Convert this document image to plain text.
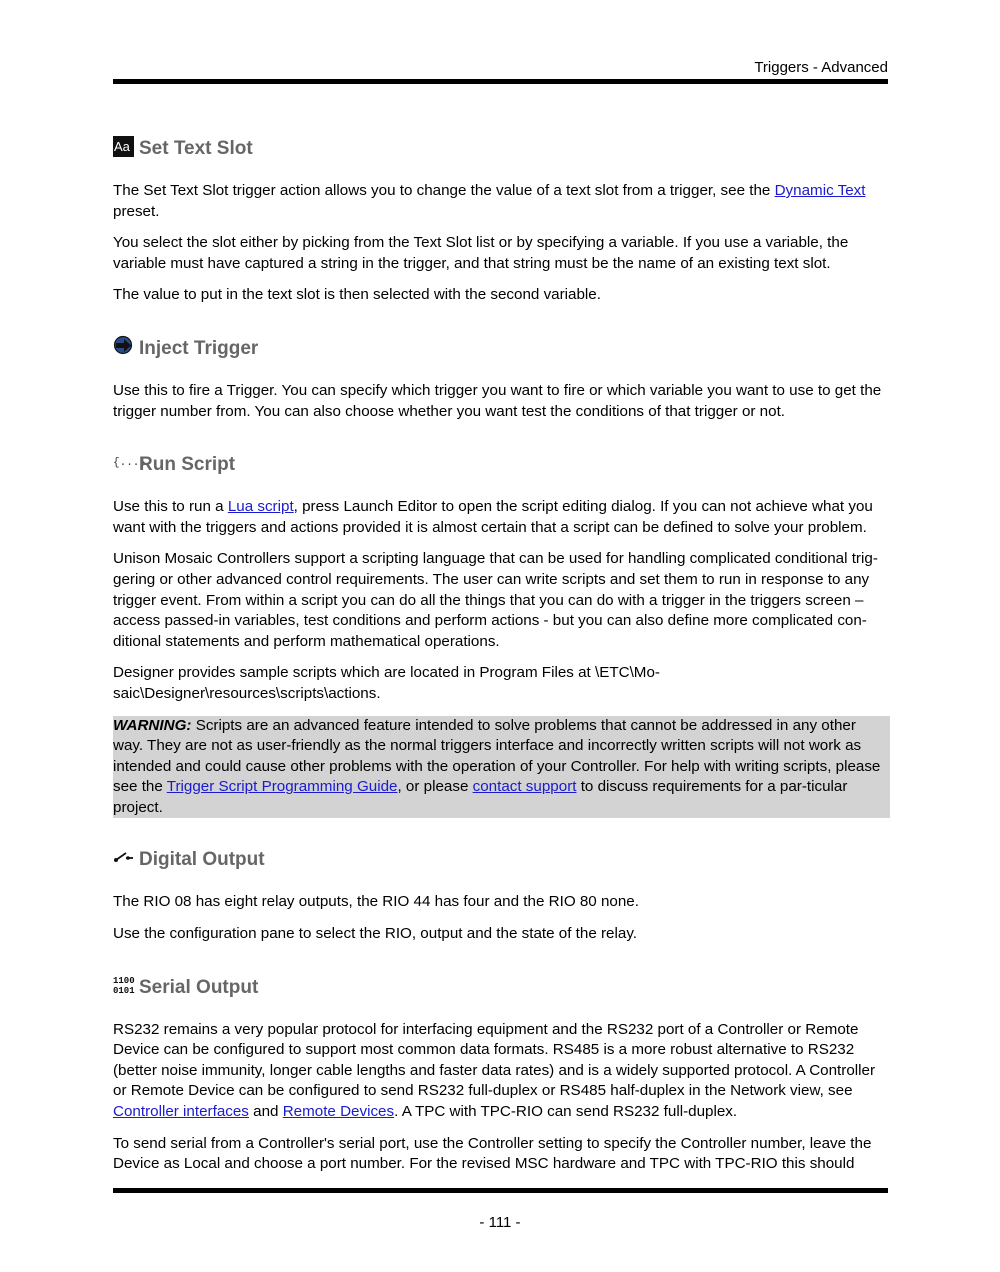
Triggers - Advanced
Aa Set Text Slot

The Set Text Slot trigger action allows you to change the value of a text slot from a trigger, see the Dynamic Text preset.

You select the slot either by picking from the Text Slot list or by specifying a variable. If you use a variable, the variable must have captured a string in the trigger, and that string must be the name of an existing text slot.

The value to put in the text slot is then selected with the second variable.

Inject Trigger

Use this to fire a Trigger. You can specify which trigger you want to fire or which variable you want to use to get the trigger number from. You can also choose whether you want test the conditions of that trigger or not.

{...}
Run Script

Use this to run a Lua script, press Launch Editor to open the script editing dialog. If you can not achieve what you want with the triggers and actions provided it is almost certain that a script can be defined to solve your problem.

Unison Mosaic Controllers support a scripting language that can be used for handling complicated conditional trig-gering or other advanced control requirements. The user can write scripts and set them to run in response to any trigger event. From within a script you can do all the things that you can do with a trigger in the triggers screen – access passed-in variables, test conditions and perform actions - but you can also define more complicated con-ditional statements and perform mathematical operations.

Designer provides sample scripts which are located in Program Files at \ETC\Mo-saic\Designer\resources\scripts\actions.

WARNING: Scripts are an advanced feature intended to solve problems that cannot be addressed in any other way. They are not as user-friendly as the normal triggers interface and incorrectly written scripts will not work as intended and could cause other problems with the operation of your Controller. For help with writing scripts, please see the Trigger Script Programming Guide, or please contact support to discuss requirements for a par-ticular project.
Digital Output

The RIO 08 has eight relay outputs, the RIO 44 has four and the RIO 80 none.

Use the configuration pane to select the RIO, output and the state of the relay.

1100
0101 Serial Output

RS232 remains a very popular protocol for interfacing equipment and the RS232 port of a Controller or Remote Device can be configured to support most common data formats. RS485 is a more robust alternative to RS232 (better noise immunity, longer cable lengths and faster data rates) and is a widely supported protocol. A Controller or Remote Device can be configured to send RS232 full-duplex or RS485 half-duplex in the Network view, see Controller interfaces and Remote Devices. A TPC with TPC-RIO can send RS232 full-duplex.

To send serial from a Controller's serial port, use the Controller setting to specify the Controller number, leave the Device as Local and choose a port number. For the revised MSC hardware and TPC with TPC-RIO this should

- 111 -
